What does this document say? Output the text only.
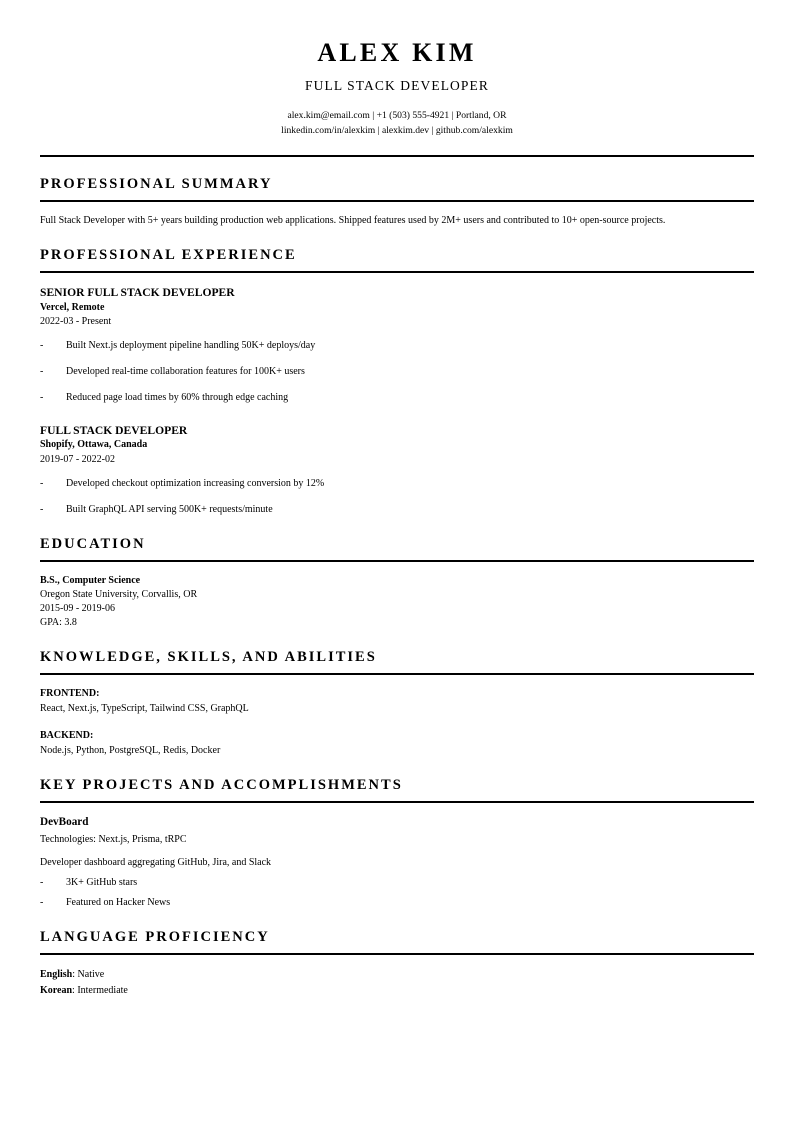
ALEX KIM
FULL STACK DEVELOPER
alex.kim@email.com | +1 (503) 555-4921 | Portland, OR
linkedin.com/in/alexkim | alexkim.dev | github.com/alexkim
PROFESSIONAL SUMMARY

Full Stack Developer with 5+ years building production web applications. Shipped features used by 2M+ users and contributed to 10+ open-source projects.

PROFESSIONAL EXPERIENCE
SENIOR FULL STACK DEVELOPER
Vercel, Remote
2022-03 - Present
- Built Next.js deployment pipeline handling 50K+ deploys/day
- Developed real-time collaboration features for 100K+ users
- Reduced page load times by 60% through edge caching
FULL STACK DEVELOPER
Shopify, Ottawa, Canada
2019-07 - 2022-02
- Developed checkout optimization increasing conversion by 12%
- Built GraphQL API serving 500K+ requests/minute
EDUCATION
B.S., Computer Science
Oregon State University, Corvallis, OR
2015-09 - 2019-06
GPA: 3.8
KNOWLEDGE, SKILLS, AND ABILITIES
FRONTEND:
React, Next.js, TypeScript, Tailwind CSS, GraphQL
BACKEND:
Node.js, Python, PostgreSQL, Redis, Docker
KEY PROJECTS AND ACCOMPLISHMENTS
DevBoard
Technologies: Next.js, Prisma, tRPC
Developer dashboard aggregating GitHub, Jira, and Slack
- 3K+ GitHub stars
- Featured on Hacker News
LANGUAGE PROFICIENCY
English: Native
Korean: Intermediate
